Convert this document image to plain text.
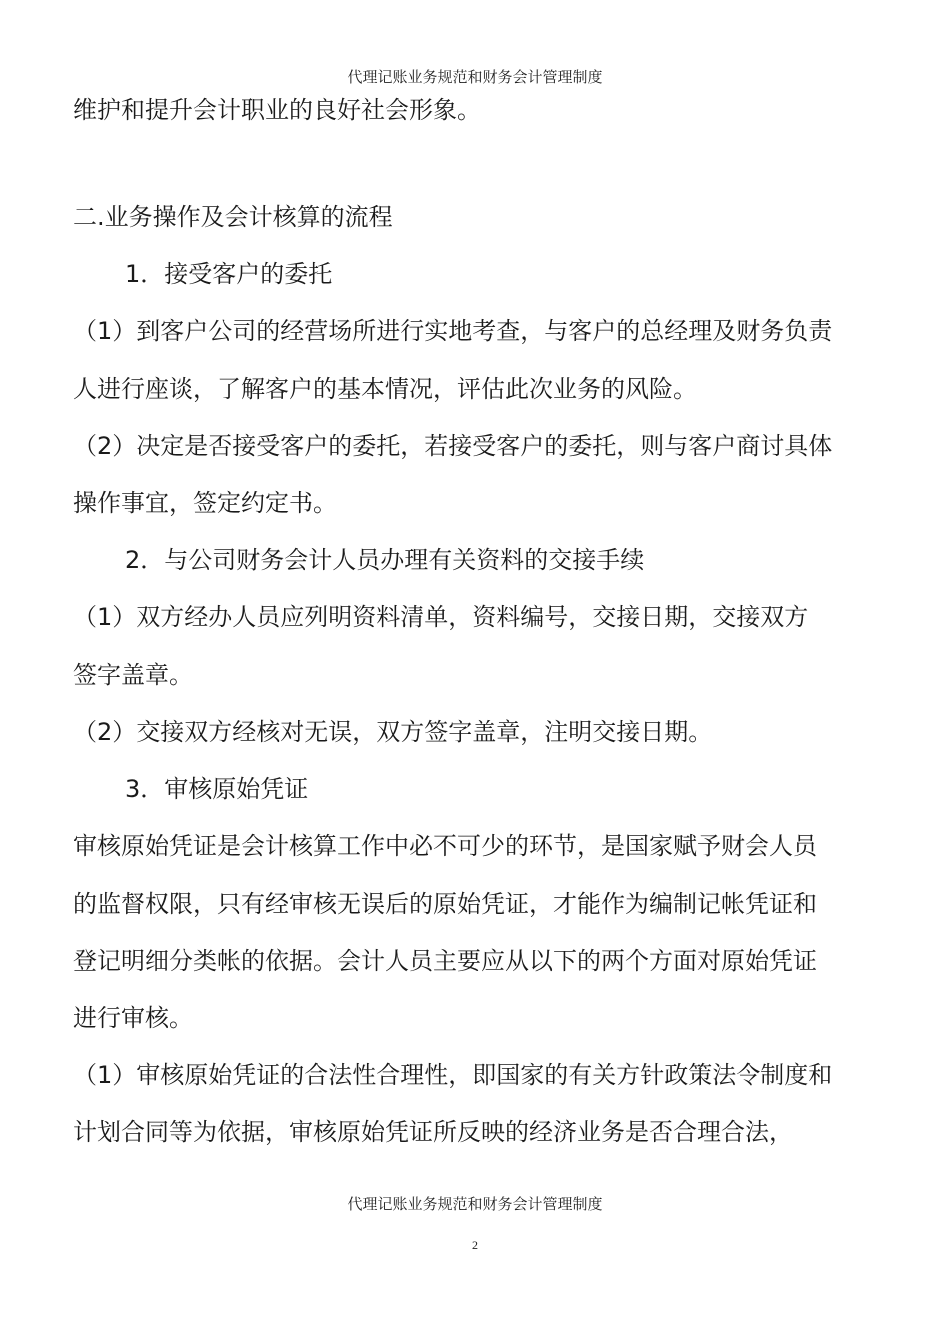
代理记账业务规范和财务会计管理制度
维护和提升会计职业的良好社会形象。
二.业务操作及会计核算的流程
1．接受客户的委托
（1）到客户公司的经营场所进行实地考查，与客户的总经理及财务负责
人进行座谈，了解客户的基本情况，评估此次业务的风险。
（2）决定是否接受客户的委托，若接受客户的委托，则与客户商讨具体
操作事宜，签定约定书。
2．与公司财务会计人员办理有关资料的交接手续
（1）双方经办人员应列明资料清单，资料编号，交接日期，交接双方
签字盖章。
（2）交接双方经核对无误，双方签字盖章，注明交接日期。
3．审核原始凭证
审核原始凭证是会计核算工作中必不可少的环节，是国家赋予财会人员
的监督权限，只有经审核无误后的原始凭证，才能作为编制记帐凭证和
登记明细分类帐的依据。会计人员主要应从以下的两个方面对原始凭证
进行审核。
（1）审核原始凭证的合法性合理性，即国家的有关方针政策法令制度和
计划合同等为依据，审核原始凭证所反映的经济业务是否合理合法，
代理记账业务规范和财务会计管理制度
2
